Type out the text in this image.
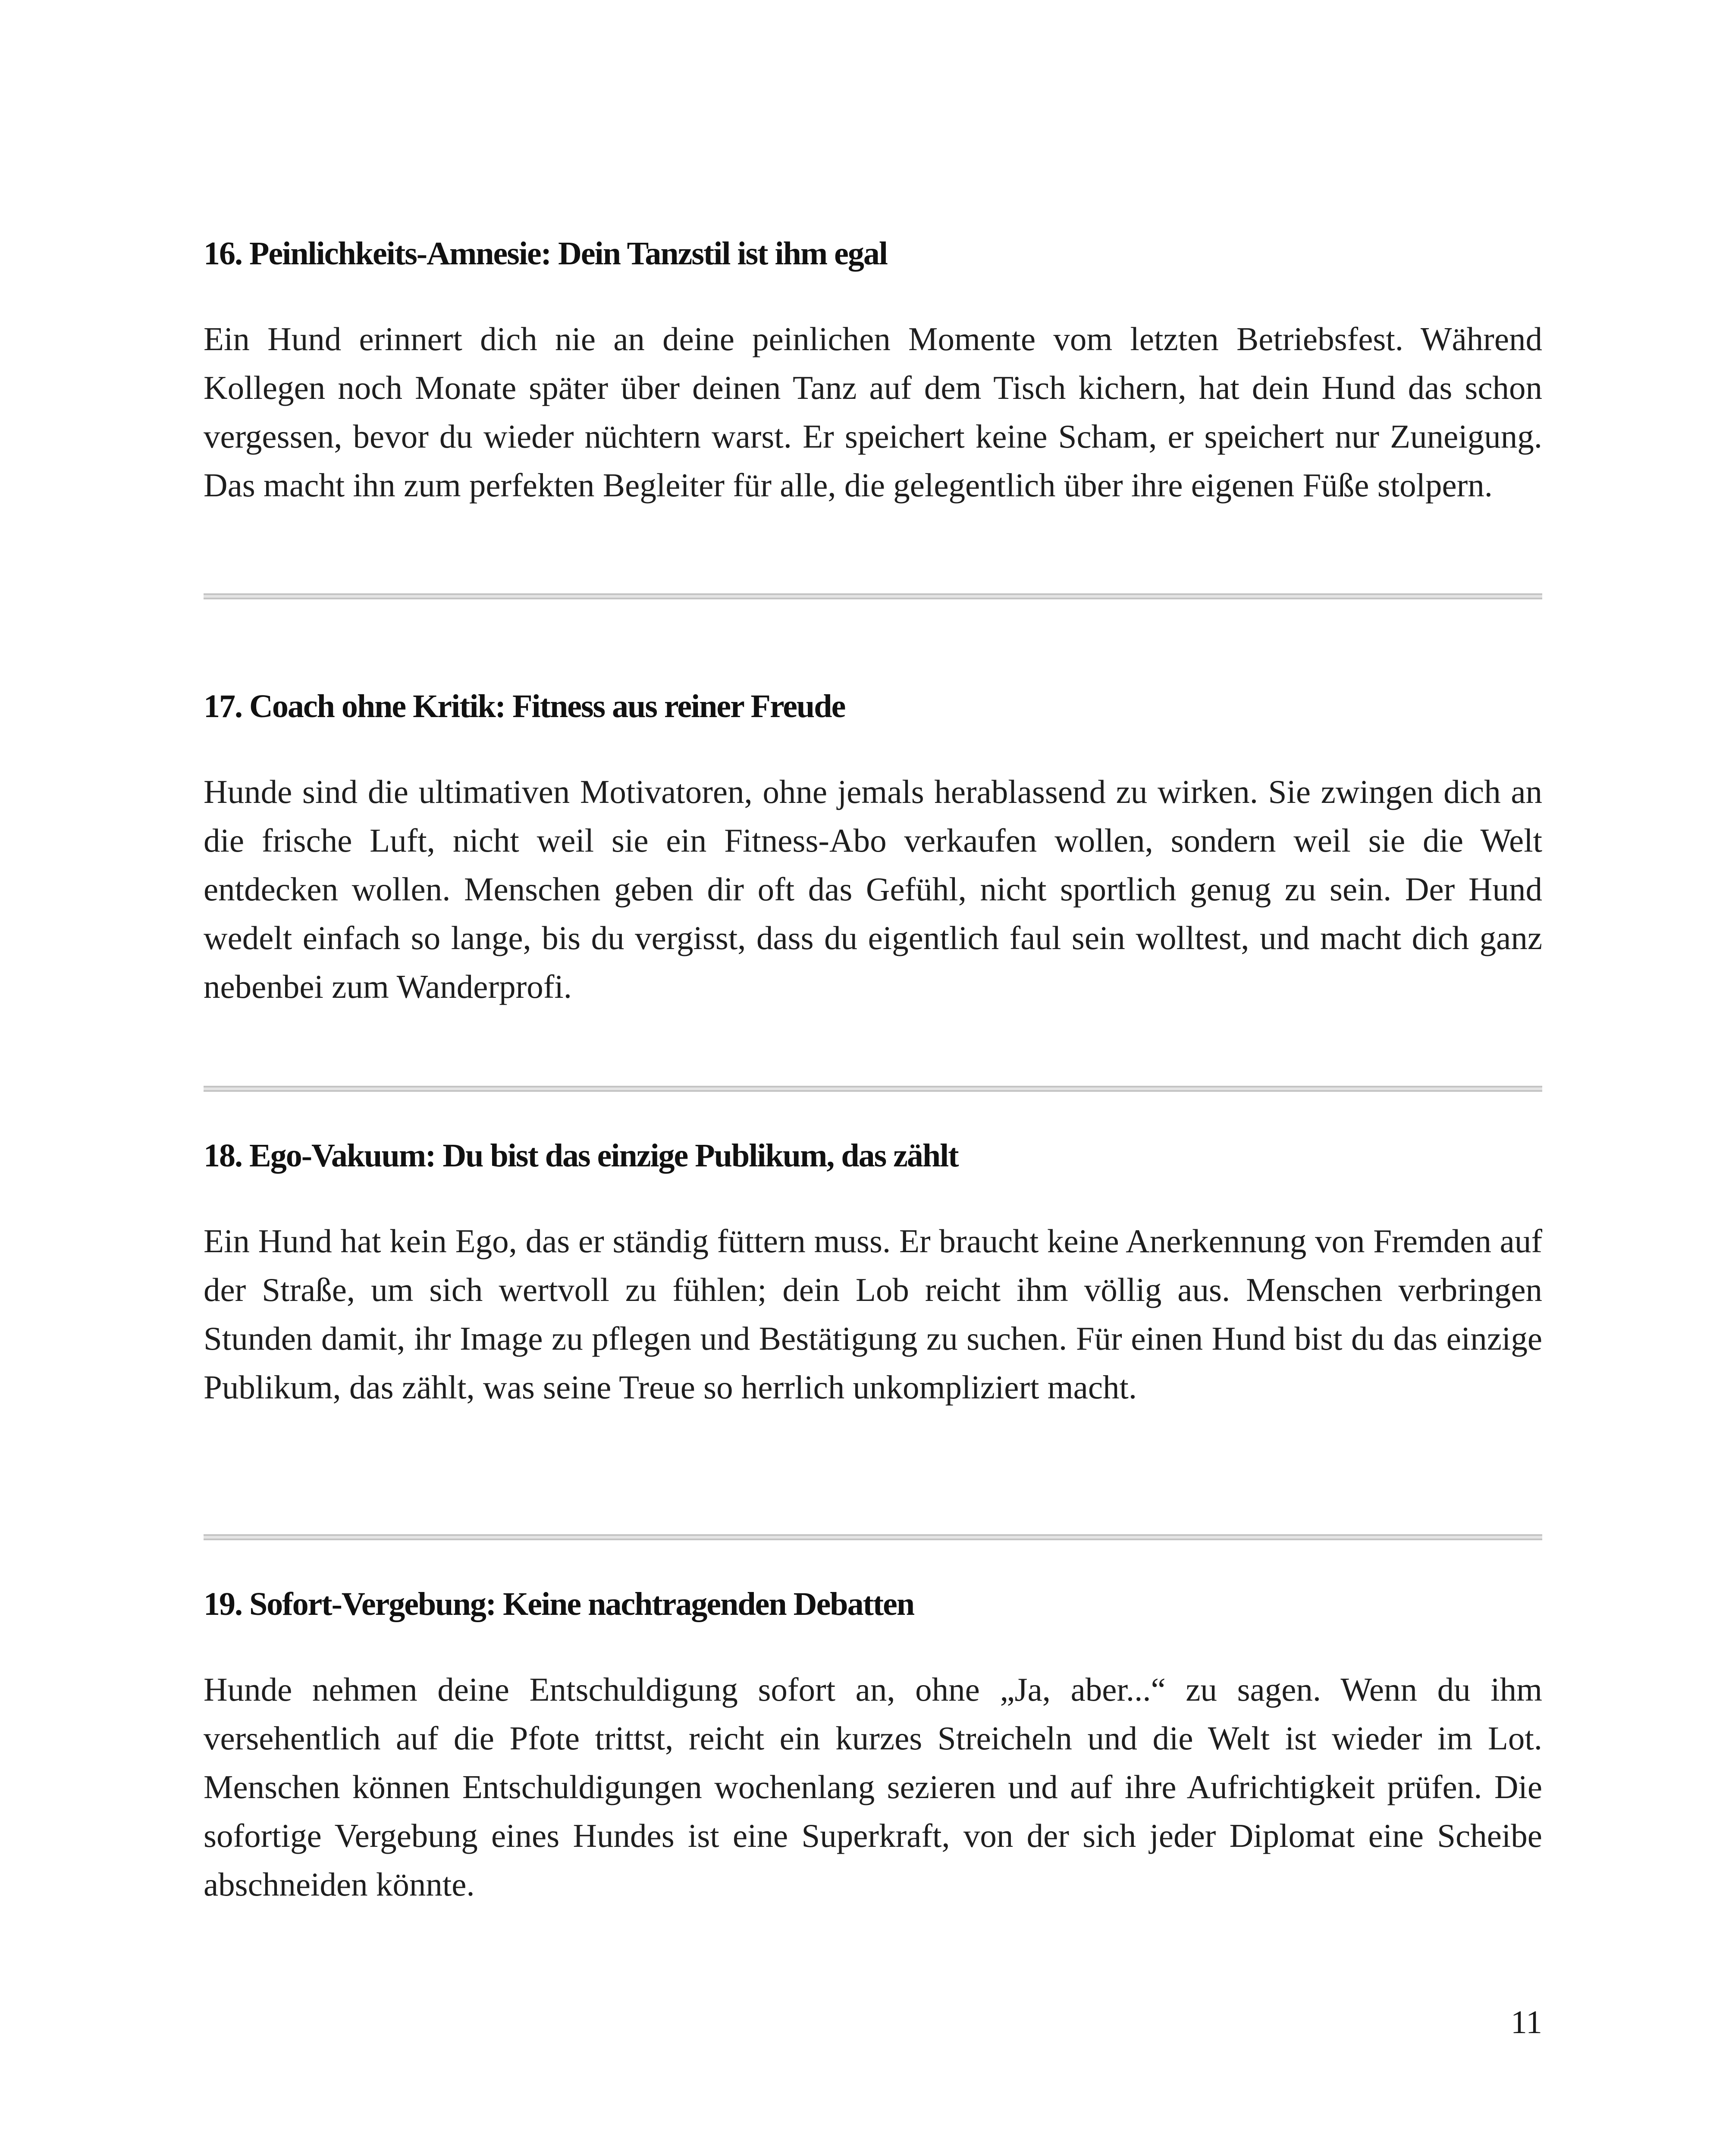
16. Peinlichkeits-Amnesie: Dein Tanzstil ist ihm egal

Ein Hund erinnert dich nie an deine peinlichen Momente vom letzten Betriebsfest. Während Kollegen noch Monate später über deinen Tanz auf dem Tisch kichern, hat dein Hund das schon vergessen, bevor du wieder nüchtern warst. Er speichert keine Scham, er speichert nur Zuneigung. Das macht ihn zum perfekten Begleiter für alle, die gelegentlich über ihre eigenen Füße stolpern.

17. Coach ohne Kritik: Fitness aus reiner Freude

Hunde sind die ultimativen Motivatoren, ohne jemals herablassend zu wirken. Sie zwingen dich an die frische Luft, nicht weil sie ein Fitness-Abo verkaufen wollen, sondern weil sie die Welt entdecken wollen. Menschen geben dir oft das Gefühl, nicht sportlich genug zu sein. Der Hund wedelt einfach so lange, bis du vergisst, dass du eigentlich faul sein wolltest, und macht dich ganz nebenbei zum Wanderprofi.

18. Ego-Vakuum: Du bist das einzige Publikum, das zählt

Ein Hund hat kein Ego, das er ständig füttern muss. Er braucht keine Anerkennung von Fremden auf der Straße, um sich wertvoll zu fühlen; dein Lob reicht ihm völlig aus. Menschen verbringen Stunden damit, ihr Image zu pflegen und Bestätigung zu suchen. Für einen Hund bist du das einzige Publikum, das zählt, was seine Treue so herrlich unkompliziert macht.

19. Sofort-Vergebung: Keine nachtragenden Debatten

Hunde nehmen deine Entschuldigung sofort an, ohne „Ja, aber...“ zu sagen. Wenn du ihm versehentlich auf die Pfote trittst, reicht ein kurzes Streicheln und die Welt ist wieder im Lot. Menschen können Entschuldigungen wochenlang sezieren und auf ihre Aufrichtigkeit prüfen. Die sofortige Vergebung eines Hundes ist eine Superkraft, von der sich jeder Diplomat eine Scheibe abschneiden könnte.

11
